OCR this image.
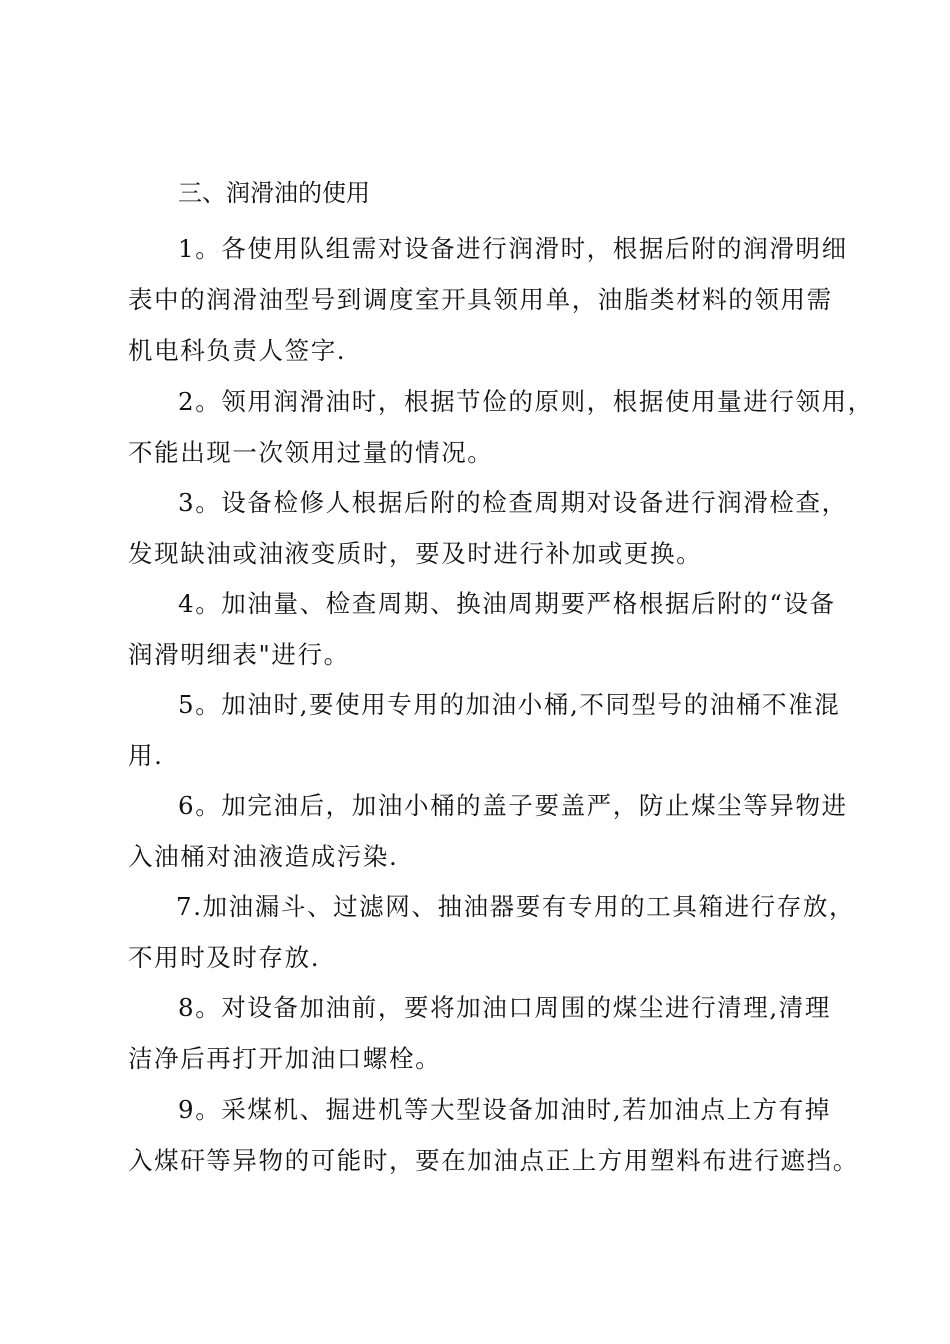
三、润滑油的使用
1。各使用队组需对设备进行润滑时，根据后附的润滑明细
表中的润滑油型号到调度室开具领用单，油脂类材料的领用需
机电科负责人签字.
2。领用润滑油时，根据节俭的原则，根据使用量进行领用，
不能出现一次领用过量的情况。
3。设备检修人根据后附的检查周期对设备进行润滑检查，
发现缺油或油液变质时，要及时进行补加或更换。
4。加油量、检查周期、换油周期要严格根据后附的“设备
润滑明细表"进行。
5。加油时,要使用专用的加油小桶,不同型号的油桶不准混
用.
6。加完油后，加油小桶的盖子要盖严，防止煤尘等异物进
入油桶对油液造成污染.
7.加油漏斗、过滤网、抽油器要有专用的工具箱进行存放，
不用时及时存放.
8。对设备加油前，要将加油口周围的煤尘进行清理,清理
洁净后再打开加油口螺栓。
9。采煤机、掘进机等大型设备加油时,若加油点上方有掉
入煤矸等异物的可能时，要在加油点正上方用塑料布进行遮挡。
